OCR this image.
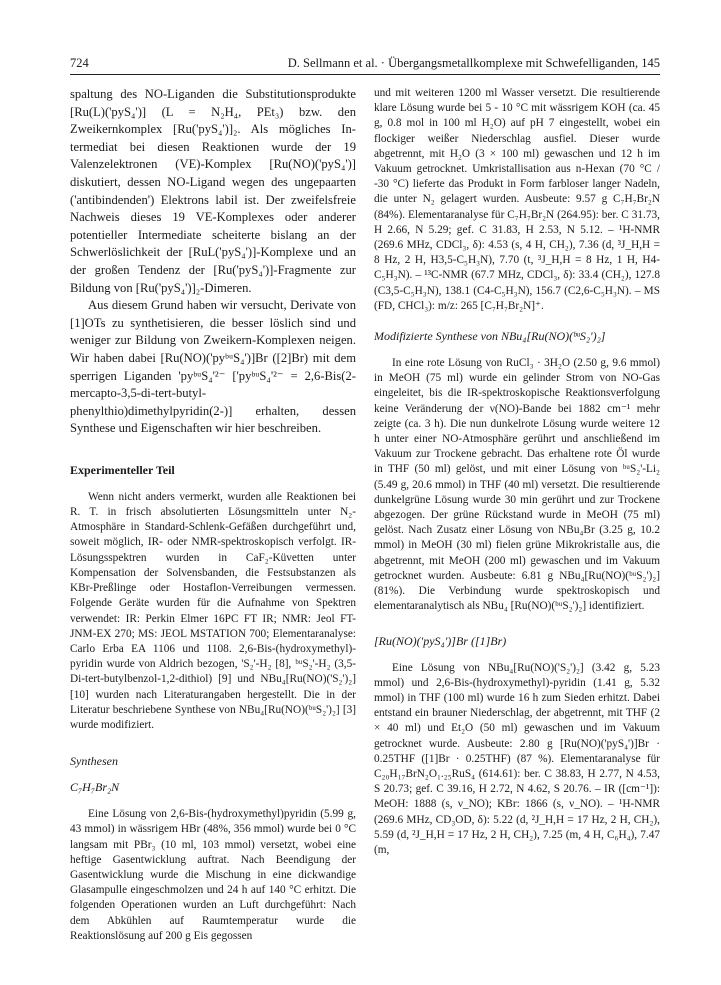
724	D. Sellmann et al. · Übergangsmetallkomplexe mit Schwefelliganden, 145

spaltung des NO-Liganden die Substitutionsprodukte [Ru(L)('pyS₄')] (L = N₂H₄, PEt₃) bzw. den Zweikernkomplex [Ru('pyS₄')]₂. Als mögliches Intermediat bei diesen Reaktionen wurde der 19 Valenzelektronen (VE)-Komplex [Ru(NO)('pyS₄')] diskutiert, dessen NO-Ligand wegen des ungepaarten ('antibindenden') Elektrons labil ist. Der zweifelsfreie Nachweis dieses 19 VE-Komplexes oder anderer potentieller Intermediate scheiterte bislang an der Schwerlöslichkeit der [RuL('pyS₄')]-Komplexe und an der großen Tendenz der [Ru('pyS₄')]-Fragmente zur Bildung von [Ru('pyS₄')]₂-Dimeren.

Aus diesem Grund haben wir versucht, Derivate von [1]OTs zu synthetisieren, die besser löslich sind und weniger zur Bildung von Zweikern-Komplexen neigen. Wir haben dabei [Ru(NO)('pyᵇᵘS₄')]Br ([2]Br) mit dem sperrigen Liganden 'pyᵇᵘS₄'²⁻ ['pyᵇᵘS₄'²⁻ = 2,6-Bis(2-mercapto-3,5-di-tert-butylphenylthio)dimethylpyridin(2-)] erhalten, dessen Synthese und Eigenschaften wir hier beschreiben.

Experimenteller Teil

Wenn nicht anders vermerkt, wurden alle Reaktionen bei R. T. in frisch absolutierten Lösungsmitteln unter N₂-Atmosphäre in Standard-Schlenk-Gefäßen durchgeführt und, soweit möglich, IR- oder NMR-spektroskopisch verfolgt. IR-Lösungsspektren wurden in CaF₂-Küvetten unter Kompensation der Solvensbanden, die Festsubstanzen als KBr-Preßlinge oder Hostaflon-Verreibungen vermessen. Folgende Geräte wurden für die Aufnahme von Spektren verwendet: IR: Perkin Elmer 16PC FT IR; NMR: Jeol FT-JNM-EX 270; MS: JEOL MSTATION 700; Elementaranalyse: Carlo Erba EA 1106 und 1108. 2,6-Bis-(hydroxymethyl)-pyridin wurde von Aldrich bezogen, 'S₂'-H₂ [8], ᵇᵘS₂'-H₂ (3,5-Di-tert-butylbenzol-1,2-dithiol) [9] und NBu₄[Ru(NO)('S₂')₂] [10] wurden nach Literaturangaben hergestellt. Die in der Literatur beschriebene Synthese von NBu₄[Ru(NO)(ᵇᵘS₂')₂] [3] wurde modifiziert.

Synthesen
C₇H₇Br₂N

Eine Lösung von 2,6-Bis-(hydroxymethyl)pyridin (5.99 g, 43 mmol) in wässrigem HBr (48%, 356 mmol) wurde bei 0 °C langsam mit PBr₃ (10 ml, 103 mmol) versetzt, wobei eine heftige Gasentwicklung auftrat. Nach Beendigung der Gasentwicklung wurde die Mischung in eine dickwandige Glasampulle eingeschmolzen und 24 h auf 140 °C erhitzt. Die folgenden Operationen wurden an Luft durchgeführt: Nach dem Abkühlen auf Raumtemperatur wurde die Reaktionslösung auf 200 g Eis gegossen

und mit weiteren 1200 ml Wasser versetzt. Die resultierende klare Lösung wurde bei 5 - 10 °C mit wässrigem KOH (ca. 45 g, 0.8 mol in 100 ml H₂O) auf pH 7 eingestellt, wobei ein flockiger weißer Niederschlag ausfiel. Dieser wurde abgetrennt, mit H₂O (3 × 100 ml) gewaschen und 12 h im Vakuum getrocknet. Umkristallisation aus n-Hexan (70 °C / -30 °C) lieferte das Produkt in Form farbloser langer Nadeln, die unter N₂ gelagert wurden. Ausbeute: 9.57 g C₇H₇Br₂N (84%). Elementaranalyse für C₇H₇Br₂N (264.95): ber. C 31.73, H 2.66, N 5.29; gef. C 31.83, H 2.53, N 5.12. – ¹H-NMR (269.6 MHz, CDCl₃, δ): 4.53 (s, 4 H, CH₂), 7.36 (d, ³J_H,H = 8 Hz, 2 H, H3,5-C₅H₃N), 7.70 (t, ³J_H,H = 8 Hz, 1 H, H4-C₅H₃N). – ¹³C-NMR (67.7 MHz, CDCl₃, δ): 33.4 (CH₂), 127.8 (C3,5-C₅H₃N), 138.1 (C4-C₅H₃N), 156.7 (C2,6-C₅H₃N). – MS (FD, CHCl₃): m/z: 265 [C₇H₇Br₂N]⁺.

Modifizierte Synthese von NBu₄[Ru(NO)(ᵇᵘS₂')₂]

In eine rote Lösung von RuCl₃ · 3H₂O (2.50 g, 9.6 mmol) in MeOH (75 ml) wurde ein gelinder Strom von NO-Gas eingeleitet, bis die IR-spektroskopische Reaktionsverfolgung keine Veränderung der ν(NO)-Bande bei 1882 cm⁻¹ mehr zeigte (ca. 3 h). Die nun dunkelrote Lösung wurde weitere 12 h unter einer NO-Atmosphäre gerührt und anschließend im Vakuum zur Trockene gebracht. Das erhaltene rote Öl wurde in THF (50 ml) gelöst, und mit einer Lösung von ᵇᵘS₂'-Li₂ (5.49 g, 20.6 mmol) in THF (40 ml) versetzt. Die resultierende dunkelgrüne Lösung wurde 30 min gerührt und zur Trockene abgezogen. Der grüne Rückstand wurde in MeOH (75 ml) gelöst. Nach Zusatz einer Lösung von NBu₄Br (3.25 g, 10.2 mmol) in MeOH (30 ml) fielen grüne Mikrokristalle aus, die abgetrennt, mit MeOH (200 ml) gewaschen und im Vakuum getrocknet wurden. Ausbeute: 6.81 g NBu₄[Ru(NO)(ᵇᵘS₂')₂] (81%). Die Verbindung wurde spektroskopisch und elementaranalytisch als NBu₄ [Ru(NO)(ᵇᵘS₂')₂] identifiziert.

[Ru(NO)('pyS₄')]Br ([1]Br)

Eine Lösung von NBu₄[Ru(NO)('S₂')₂] (3.42 g, 5.23 mmol) und 2,6-Bis-(hydroxymethyl)-pyridin (1.41 g, 5.32 mmol) in THF (100 ml) wurde 16 h zum Sieden erhitzt. Dabei entstand ein brauner Niederschlag, der abgetrennt, mit THF (2 × 40 ml) und Et₂O (50 ml) gewaschen und im Vakuum getrocknet wurde. Ausbeute: 2.80 g [Ru(NO)('pyS₄')]Br · 0.25THF ([1]Br · 0.25THF) (87 %). Elementaranalyse für C₂₀H₁₇BrN₂O₁.₂₅RuS₄ (614.61): ber. C 38.83, H 2.77, N 4.53, S 20.73; gef. C 39.16, H 2.72, N 4.62, S 20.76. – IR ([cm⁻¹]): MeOH: 1888 (s, ν_NO); KBr: 1866 (s, ν_NO). – ¹H-NMR (269.6 MHz, CD₃OD, δ): 5.22 (d, ²J_H,H = 17 Hz, 2 H, CH₂), 5.59 (d, ²J_H,H = 17 Hz, 2 H, CH₂), 7.25 (m, 4 H, C₆H₄), 7.47 (m,
